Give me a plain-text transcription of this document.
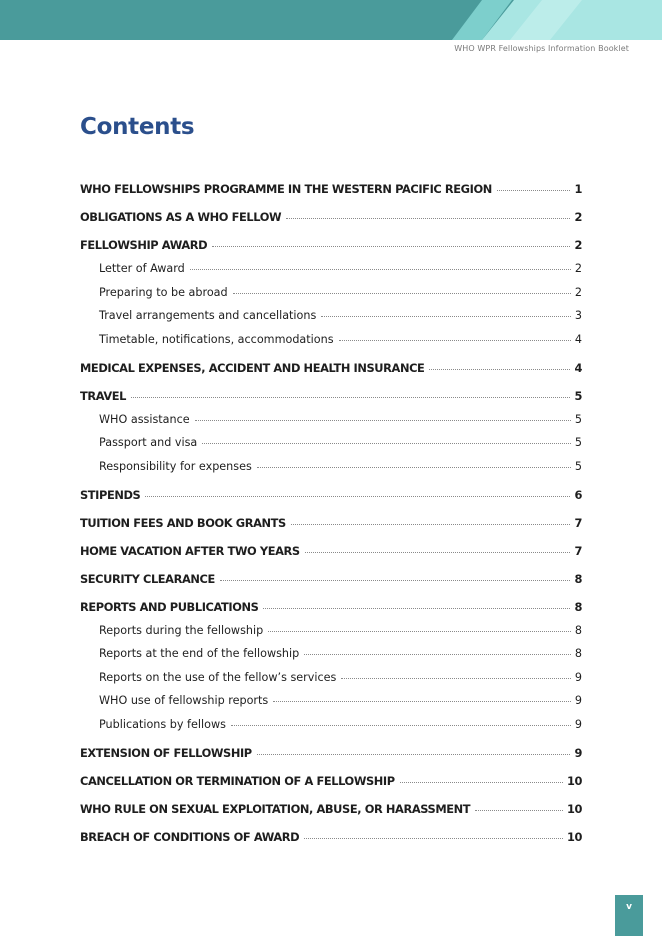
WHO WPR Fellowships Information Booklet
Contents
WHO FELLOWSHIPS PROGRAMME IN THE WESTERN PACIFIC REGION	1
OBLIGATIONS AS A WHO FELLOW	2
FELLOWSHIP AWARD	2
Letter of Award	2
Preparing to be abroad	2
Travel arrangements and cancellations	3
Timetable, notifications, accommodations	4
MEDICAL EXPENSES, ACCIDENT AND HEALTH INSURANCE	4
TRAVEL	5
WHO assistance	5
Passport and visa	5
Responsibility for expenses	5
STIPENDS	6
TUITION FEES AND BOOK GRANTS	7
HOME VACATION AFTER TWO YEARS	7
SECURITY CLEARANCE	8
REPORTS AND PUBLICATIONS	8
Reports during the fellowship	8
Reports at the end of the fellowship	8
Reports on the use of the fellow’s services	9
WHO use of fellowship reports	9
Publications by fellows	9
EXTENSION OF FELLOWSHIP	9
CANCELLATION OR TERMINATION OF A FELLOWSHIP	10
WHO RULE ON SEXUAL EXPLOITATION, ABUSE, OR HARASSMENT	10
BREACH OF CONDITIONS OF AWARD	10
v
